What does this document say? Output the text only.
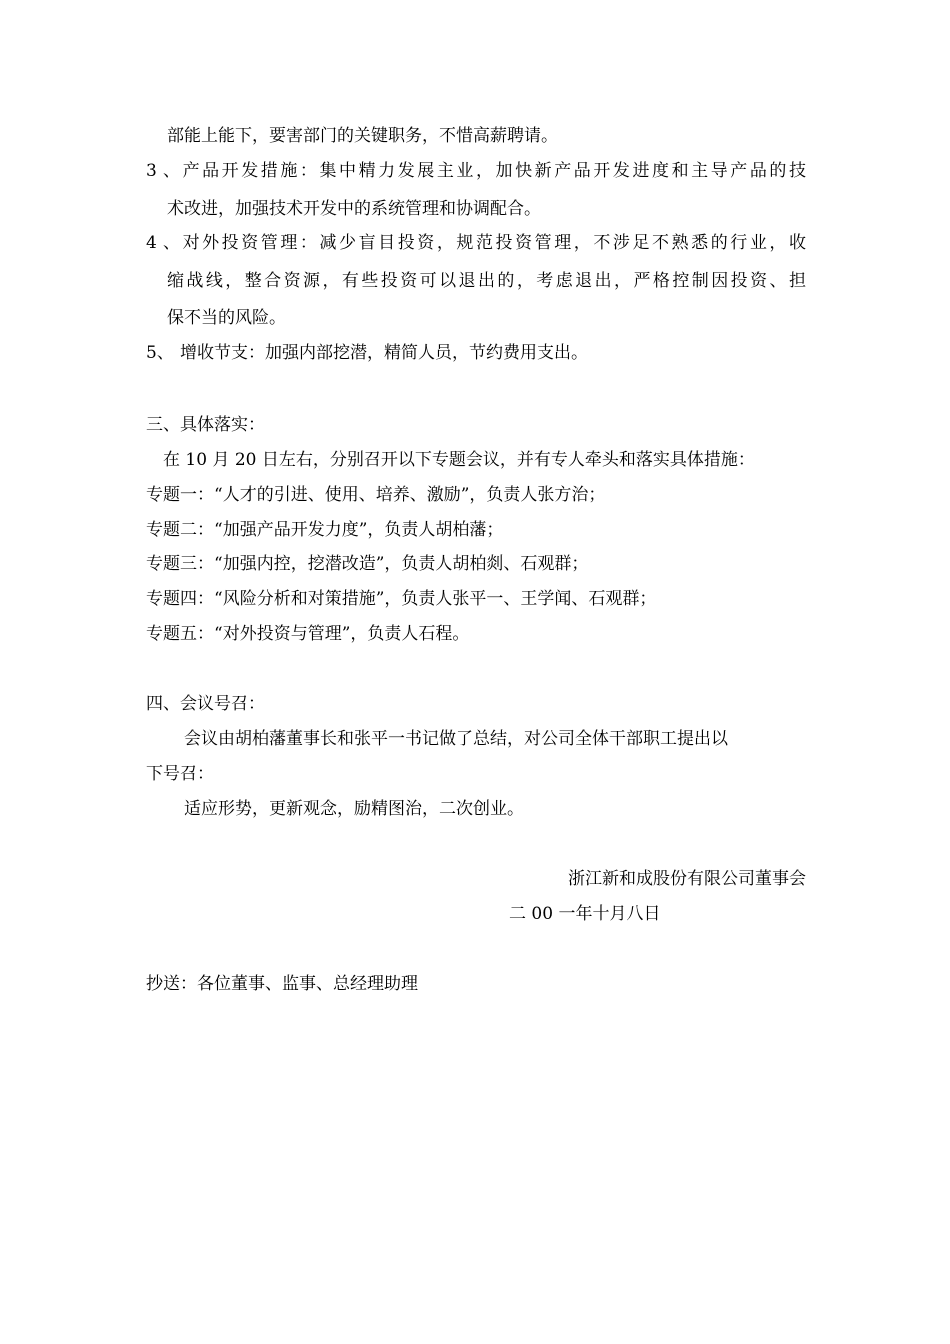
部能上能下，要害部门的关键职务，不惜高薪聘请。
3、产品开发措施：集中精力发展主业，加快新产品开发进度和主导产品的技
术改进，加强技术开发中的系统管理和协调配合。
4、对外投资管理：减少盲目投资，规范投资管理，不涉足不熟悉的行业，收
缩战线，整合资源，有些投资可以退出的，考虑退出，严格控制因投资、担
保不当的风险。
5、 增收节支：加强内部挖潜，精简人员，节约费用支出。
三、具体落实：
在 10 月 20 日左右，分别召开以下专题会议，并有专人牵头和落实具体措施：
专题一：“人才的引进、使用、培养、激励”，负责人张方治；
专题二：“加强产品开发力度”，负责人胡柏藩；
专题三：“加强内控，挖潜改造”，负责人胡柏剡、石观群；
专题四：“风险分析和对策措施”，负责人张平一、王学闻、石观群；
专题五：“对外投资与管理”，负责人石程。
四、会议号召：
会议由胡柏藩董事长和张平一书记做了总结，对公司全体干部职工提出以
下号召：
适应形势，更新观念，励精图治，二次创业。
浙江新和成股份有限公司董事会
二 00 一年十月八日
抄送：各位董事、监事、总经理助理
